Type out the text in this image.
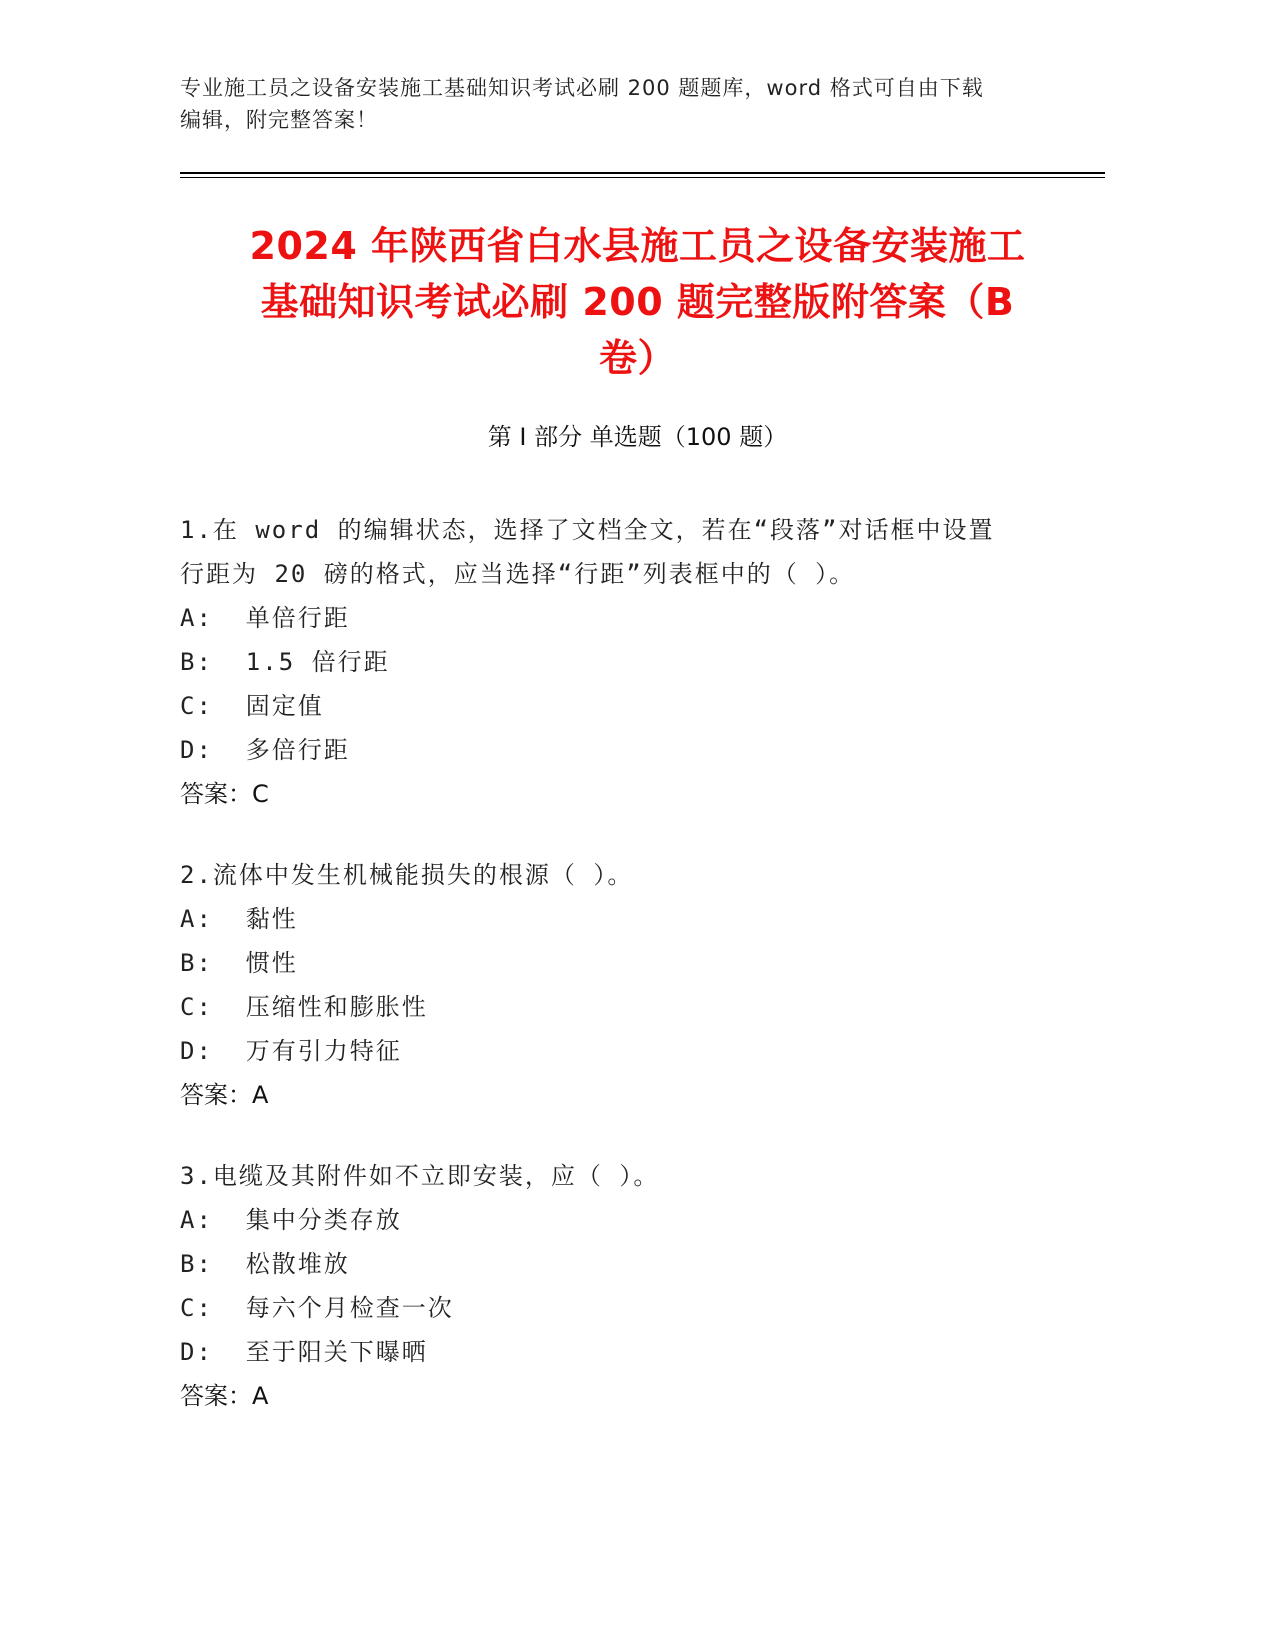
专业施工员之设备安装施工基础知识考试必刷 200 题题库，word 格式可自由下载
编辑，附完整答案！
2024 年陕西省白水县施工员之设备安装施工
基础知识考试必刷 200 题完整版附答案（B
卷）
第 I 部分 单选题（100 题）
1.在 word 的编辑状态，选择了文档全文，若在“段落”对话框中设置
行距为 20 磅的格式，应当选择“行距”列表框中的（ ）。
A:  单倍行距
B:  1.5 倍行距
C:  固定值
D:  多倍行距
答案：C
2.流体中发生机械能损失的根源（ ）。
A:  黏性
B:  惯性
C:  压缩性和膨胀性
D:  万有引力特征
答案：A
3.电缆及其附件如不立即安装，应（ ）。
A:  集中分类存放
B:  松散堆放
C:  每六个月检查一次
D:  至于阳关下曝晒
答案：A
